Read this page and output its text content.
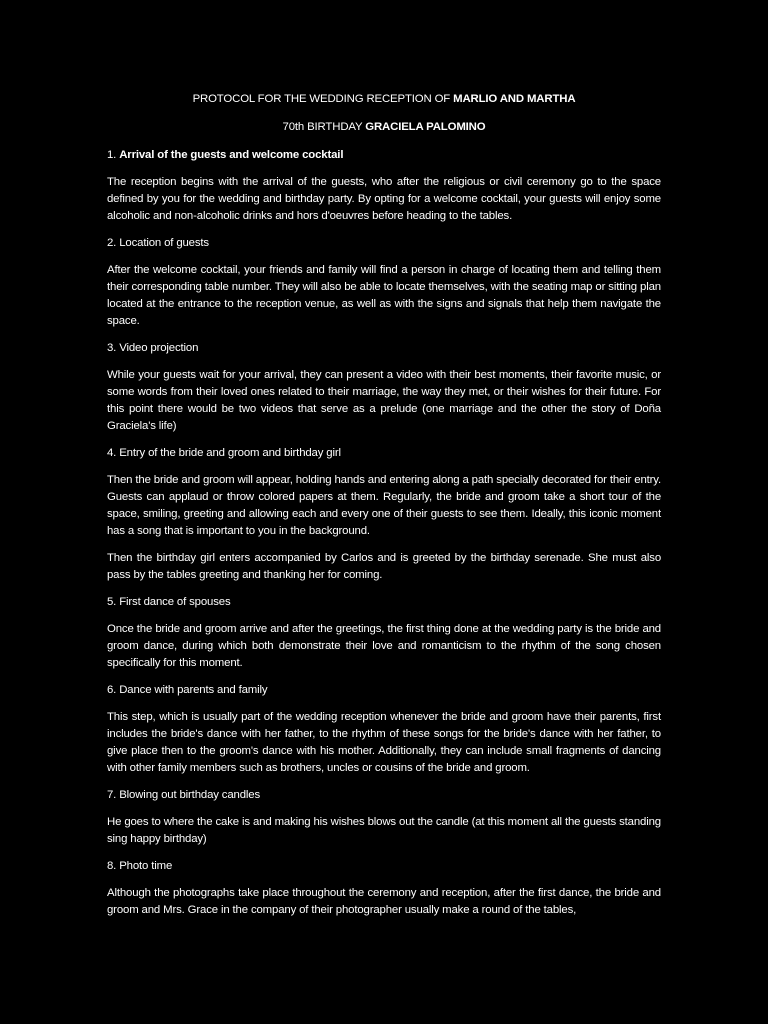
PROTOCOL FOR THE WEDDING RECEPTION OF MARLIO AND MARTHA

70th BIRTHDAY GRACIELA PALOMINO

1. Arrival of the guests and welcome cocktail

The reception begins with the arrival of the guests, who after the religious or civil ceremony go to the space defined by you for the wedding and birthday party. By opting for a welcome cocktail, your guests will enjoy some alcoholic and non-alcoholic drinks and hors d'oeuvres before heading to the tables.

2. Location of guests

After the welcome cocktail, your friends and family will find a person in charge of locating them and telling them their corresponding table number. They will also be able to locate themselves, with the seating map or sitting plan located at the entrance to the reception venue, as well as with the signs and signals that help them navigate the space.

3. Video projection

While your guests wait for your arrival, they can present a video with their best moments, their favorite music, or some words from their loved ones related to their marriage, the way they met, or their wishes for their future. For this point there would be two videos that serve as a prelude (one marriage and the other the story of Doña Graciela's life)

4. Entry of the bride and groom and birthday girl

Then the bride and groom will appear, holding hands and entering along a path specially decorated for their entry. Guests can applaud or throw colored papers at them. Regularly, the bride and groom take a short tour of the space, smiling, greeting and allowing each and every one of their guests to see them. Ideally, this iconic moment has a song that is important to you in the background.

Then the birthday girl enters accompanied by Carlos and is greeted by the birthday serenade. She must also pass by the tables greeting and thanking her for coming.

5. First dance of spouses

Once the bride and groom arrive and after the greetings, the first thing done at the wedding party is the bride and groom dance, during which both demonstrate their love and romanticism to the rhythm of the song chosen specifically for this moment.

6. Dance with parents and family

This step, which is usually part of the wedding reception whenever the bride and groom have their parents, first includes the bride's dance with her father, to the rhythm of these songs for the bride's dance with her father, to give place then to the groom's dance with his mother. Additionally, they can include small fragments of dancing with other family members such as brothers, uncles or cousins of the bride and groom.

7. Blowing out birthday candles

He goes to where the cake is and making his wishes blows out the candle (at this moment all the guests standing sing happy birthday)

8. Photo time

Although the photographs take place throughout the ceremony and reception, after the first dance, the bride and groom and Mrs. Grace in the company of their photographer usually make a round of the tables,
